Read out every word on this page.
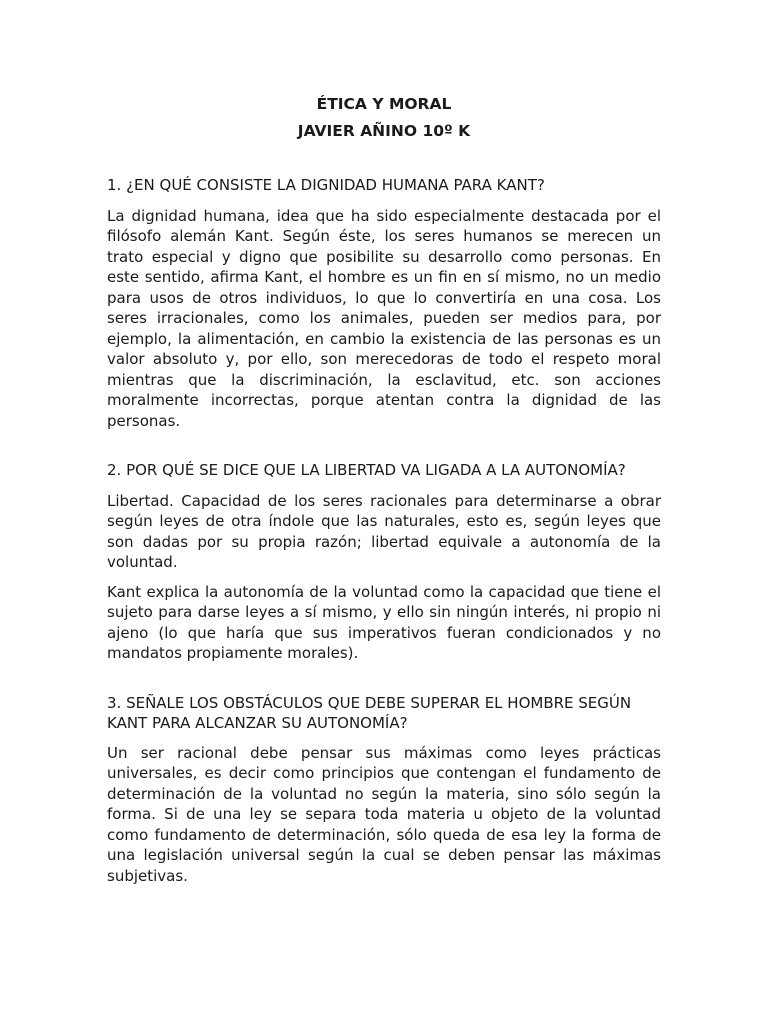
ÉTICA Y MORAL
JAVIER AÑINO 10º K
1. ¿EN QUÉ CONSISTE LA DIGNIDAD HUMANA PARA KANT?

La dignidad humana, idea que ha sido especialmente destacada por el filósofo alemán Kant. Según éste, los seres humanos se merecen un trato especial y digno que posibilite su desarrollo como personas. En este sentido, afirma Kant, el hombre es un fin en sí mismo, no un medio para usos de otros individuos, lo que lo convertiría en una cosa. Los seres irracionales, como los animales, pueden ser medios para, por ejemplo, la alimentación, en cambio la existencia de las personas es un valor absoluto y, por ello, son merecedoras de todo el respeto moral mientras que la discriminación, la esclavitud, etc. son acciones moralmente incorrectas, porque atentan contra la dignidad de las personas.

2. POR QUÉ SE DICE QUE LA LIBERTAD VA LIGADA A LA AUTONOMÍA?

Libertad. Capacidad de los seres racionales para determinarse a obrar según leyes de otra índole que las naturales, esto es, según leyes que son dadas por su propia razón; libertad equivale a autonomía de la voluntad.

Kant explica la autonomía de la voluntad como la capacidad que tiene el sujeto para darse leyes a sí mismo, y ello sin ningún interés, ni propio ni ajeno (lo que haría que sus imperativos fueran condicionados y no mandatos propiamente morales).

3. SEÑALE LOS OBSTÁCULOS QUE DEBE SUPERAR EL HOMBRE SEGÚN KANT PARA ALCANZAR SU AUTONOMÍA?

Un ser racional debe pensar sus máximas como leyes prácticas universales, es decir como principios que contengan el fundamento de determinación de la voluntad no según la materia, sino sólo según la forma. Si de una ley se separa toda materia u objeto de la voluntad como fundamento de determinación, sólo queda de esa ley la forma de una legislación universal según la cual se deben pensar las máximas subjetivas.
